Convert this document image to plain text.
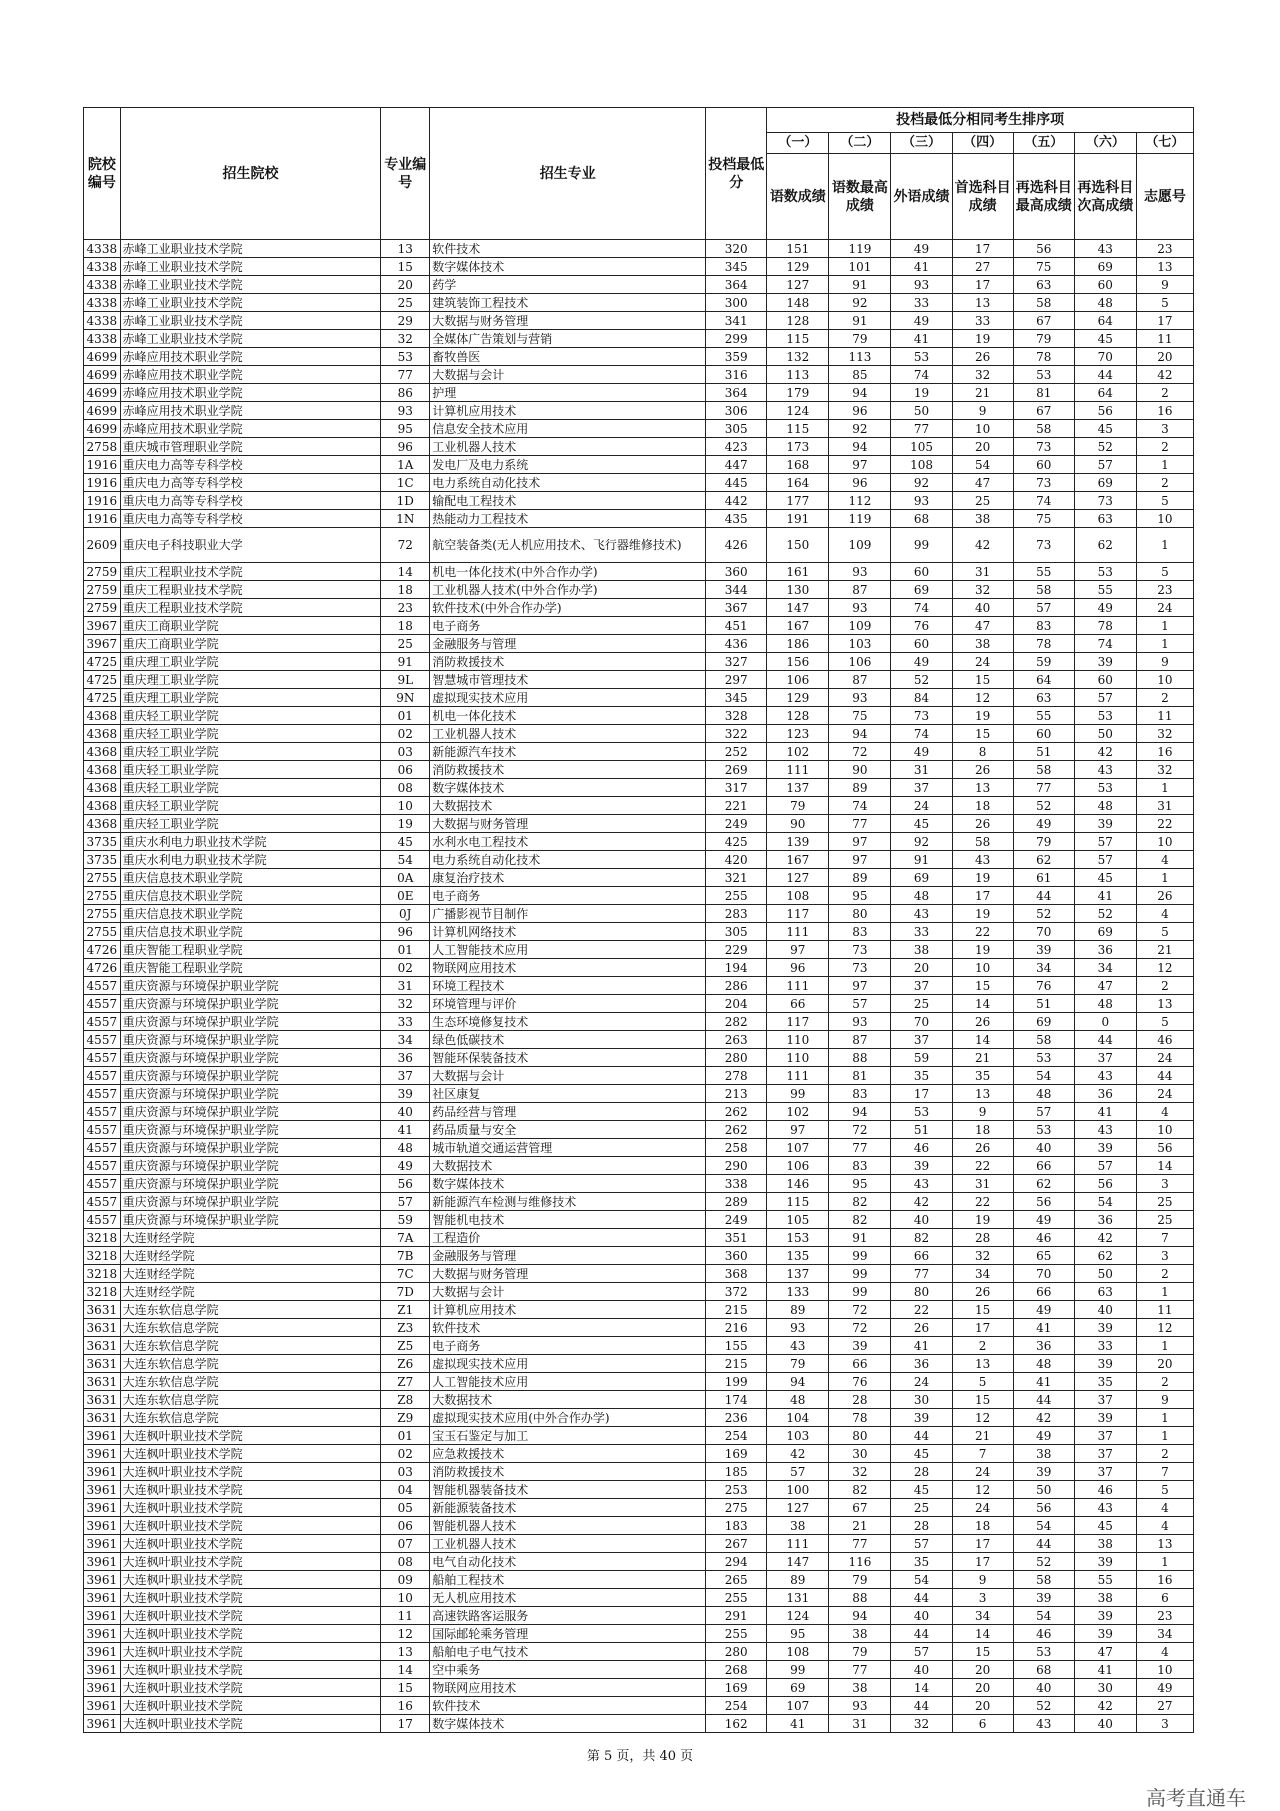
院校编号	招生院校	专业编号	招生专业	投档最低分	投档最低分相同考生排序项						
					（一）	（二）	（三）	（四）	（五）	（六）	（七）
					语数成绩	语数最高成绩	外语成绩	首选科目成绩	再选科目最高成绩	再选科目次高成绩	志愿号
4338	赤峰工业职业技术学院	13	软件技术	320	151	119	49	17	56	43	23
4338	赤峰工业职业技术学院	15	数字媒体技术	345	129	101	41	27	75	69	13
4338	赤峰工业职业技术学院	20	药学	364	127	91	93	17	63	60	9
4338	赤峰工业职业技术学院	25	建筑装饰工程技术	300	148	92	33	13	58	48	5
4338	赤峰工业职业技术学院	29	大数据与财务管理	341	128	91	49	33	67	64	17
4338	赤峰工业职业技术学院	32	全媒体广告策划与营销	299	115	79	41	19	79	45	11
4699	赤峰应用技术职业学院	53	畜牧兽医	359	132	113	53	26	78	70	20
4699	赤峰应用技术职业学院	77	大数据与会计	316	113	85	74	32	53	44	42
4699	赤峰应用技术职业学院	86	护理	364	179	94	19	21	81	64	2
4699	赤峰应用技术职业学院	93	计算机应用技术	306	124	96	50	9	67	56	16
4699	赤峰应用技术职业学院	95	信息安全技术应用	305	115	92	77	10	58	45	3
2758	重庆城市管理职业学院	96	工业机器人技术	423	173	94	105	20	73	52	2
1916	重庆电力高等专科学校	1A	发电厂及电力系统	447	168	97	108	54	60	57	1
1916	重庆电力高等专科学校	1C	电力系统自动化技术	445	164	96	92	47	73	69	2
1916	重庆电力高等专科学校	1D	输配电工程技术	442	177	112	93	25	74	73	5
1916	重庆电力高等专科学校	1N	热能动力工程技术	435	191	119	68	38	75	63	10
2609	重庆电子科技职业大学	72	航空装备类(无人机应用技术、飞行器维修技术)	426	150	109	99	42	73	62	1
2759	重庆工程职业技术学院	14	机电一体化技术(中外合作办学)	360	161	93	60	31	55	53	5
2759	重庆工程职业技术学院	18	工业机器人技术(中外合作办学)	344	130	87	69	32	58	55	23
2759	重庆工程职业技术学院	23	软件技术(中外合作办学)	367	147	93	74	40	57	49	24
3967	重庆工商职业学院	18	电子商务	451	167	109	76	47	83	78	1
3967	重庆工商职业学院	25	金融服务与管理	436	186	103	60	38	78	74	1
4725	重庆理工职业学院	91	消防救援技术	327	156	106	49	24	59	39	9
4725	重庆理工职业学院	9L	智慧城市管理技术	297	106	87	52	15	64	60	10
4725	重庆理工职业学院	9N	虚拟现实技术应用	345	129	93	84	12	63	57	2
4368	重庆轻工职业学院	01	机电一体化技术	328	128	75	73	19	55	53	11
4368	重庆轻工职业学院	02	工业机器人技术	322	123	94	74	15	60	50	32
4368	重庆轻工职业学院	03	新能源汽车技术	252	102	72	49	8	51	42	16
4368	重庆轻工职业学院	06	消防救援技术	269	111	90	31	26	58	43	32
4368	重庆轻工职业学院	08	数字媒体技术	317	137	89	37	13	77	53	1
4368	重庆轻工职业学院	10	大数据技术	221	79	74	24	18	52	48	31
4368	重庆轻工职业学院	19	大数据与财务管理	249	90	77	45	26	49	39	22
3735	重庆水利电力职业技术学院	45	水利水电工程技术	425	139	97	92	58	79	57	10
3735	重庆水利电力职业技术学院	54	电力系统自动化技术	420	167	97	91	43	62	57	4
2755	重庆信息技术职业学院	0A	康复治疗技术	321	127	89	69	19	61	45	1
2755	重庆信息技术职业学院	0E	电子商务	255	108	95	48	17	44	41	26
2755	重庆信息技术职业学院	0J	广播影视节目制作	283	117	80	43	19	52	52	4
2755	重庆信息技术职业学院	96	计算机网络技术	305	111	83	33	22	70	69	5
4726	重庆智能工程职业学院	01	人工智能技术应用	229	97	73	38	19	39	36	21
4726	重庆智能工程职业学院	02	物联网应用技术	194	96	73	20	10	34	34	12
4557	重庆资源与环境保护职业学院	31	环境工程技术	286	111	97	37	15	76	47	2
4557	重庆资源与环境保护职业学院	32	环境管理与评价	204	66	57	25	14	51	48	13
4557	重庆资源与环境保护职业学院	33	生态环境修复技术	282	117	93	70	26	69	0	5
4557	重庆资源与环境保护职业学院	34	绿色低碳技术	263	110	87	37	14	58	44	46
4557	重庆资源与环境保护职业学院	36	智能环保装备技术	280	110	88	59	21	53	37	24
4557	重庆资源与环境保护职业学院	37	大数据与会计	278	111	81	35	35	54	43	44
4557	重庆资源与环境保护职业学院	39	社区康复	213	99	83	17	13	48	36	24
4557	重庆资源与环境保护职业学院	40	药品经营与管理	262	102	94	53	9	57	41	4
4557	重庆资源与环境保护职业学院	41	药品质量与安全	262	97	72	51	18	53	43	10
4557	重庆资源与环境保护职业学院	48	城市轨道交通运营管理	258	107	77	46	26	40	39	56
4557	重庆资源与环境保护职业学院	49	大数据技术	290	106	83	39	22	66	57	14
4557	重庆资源与环境保护职业学院	56	数字媒体技术	338	146	95	43	31	62	56	3
4557	重庆资源与环境保护职业学院	57	新能源汽车检测与维修技术	289	115	82	42	22	56	54	25
4557	重庆资源与环境保护职业学院	59	智能机电技术	249	105	82	40	19	49	36	25
3218	大连财经学院	7A	工程造价	351	153	91	82	28	46	42	7
3218	大连财经学院	7B	金融服务与管理	360	135	99	66	32	65	62	3
3218	大连财经学院	7C	大数据与财务管理	368	137	99	77	34	70	50	2
3218	大连财经学院	7D	大数据与会计	372	133	99	80	26	66	63	1
3631	大连东软信息学院	Z1	计算机应用技术	215	89	72	22	15	49	40	11
3631	大连东软信息学院	Z3	软件技术	216	93	72	26	17	41	39	12
3631	大连东软信息学院	Z5	电子商务	155	43	39	41	2	36	33	1
3631	大连东软信息学院	Z6	虚拟现实技术应用	215	79	66	36	13	48	39	20
3631	大连东软信息学院	Z7	人工智能技术应用	199	94	76	24	5	41	35	2
3631	大连东软信息学院	Z8	大数据技术	174	48	28	30	15	44	37	9
3631	大连东软信息学院	Z9	虚拟现实技术应用(中外合作办学)	236	104	78	39	12	42	39	1
3961	大连枫叶职业技术学院	01	宝玉石鉴定与加工	254	103	80	44	21	49	37	1
3961	大连枫叶职业技术学院	02	应急救援技术	169	42	30	45	7	38	37	2
3961	大连枫叶职业技术学院	03	消防救援技术	185	57	32	28	24	39	37	7
3961	大连枫叶职业技术学院	04	智能机器装备技术	253	100	82	45	12	50	46	5
3961	大连枫叶职业技术学院	05	新能源装备技术	275	127	67	25	24	56	43	4
3961	大连枫叶职业技术学院	06	智能机器人技术	183	38	21	28	18	54	45	4
3961	大连枫叶职业技术学院	07	工业机器人技术	267	111	77	57	17	44	38	13
3961	大连枫叶职业技术学院	08	电气自动化技术	294	147	116	35	17	52	39	1
3961	大连枫叶职业技术学院	09	船舶工程技术	265	89	79	54	9	58	55	16
3961	大连枫叶职业技术学院	10	无人机应用技术	255	131	88	44	3	39	38	6
3961	大连枫叶职业技术学院	11	高速铁路客运服务	291	124	94	40	34	54	39	23
3961	大连枫叶职业技术学院	12	国际邮轮乘务管理	255	95	38	44	14	46	39	34
3961	大连枫叶职业技术学院	13	船舶电子电气技术	280	108	79	57	15	53	47	4
3961	大连枫叶职业技术学院	14	空中乘务	268	99	77	40	20	68	41	10
3961	大连枫叶职业技术学院	15	物联网应用技术	169	69	38	14	20	40	30	49
3961	大连枫叶职业技术学院	16	软件技术	254	107	93	44	20	52	42	27
3961	大连枫叶职业技术学院	17	数字媒体技术	162	41	31	32	6	43	40	3
第 5 页，共 40 页
高考直通车
